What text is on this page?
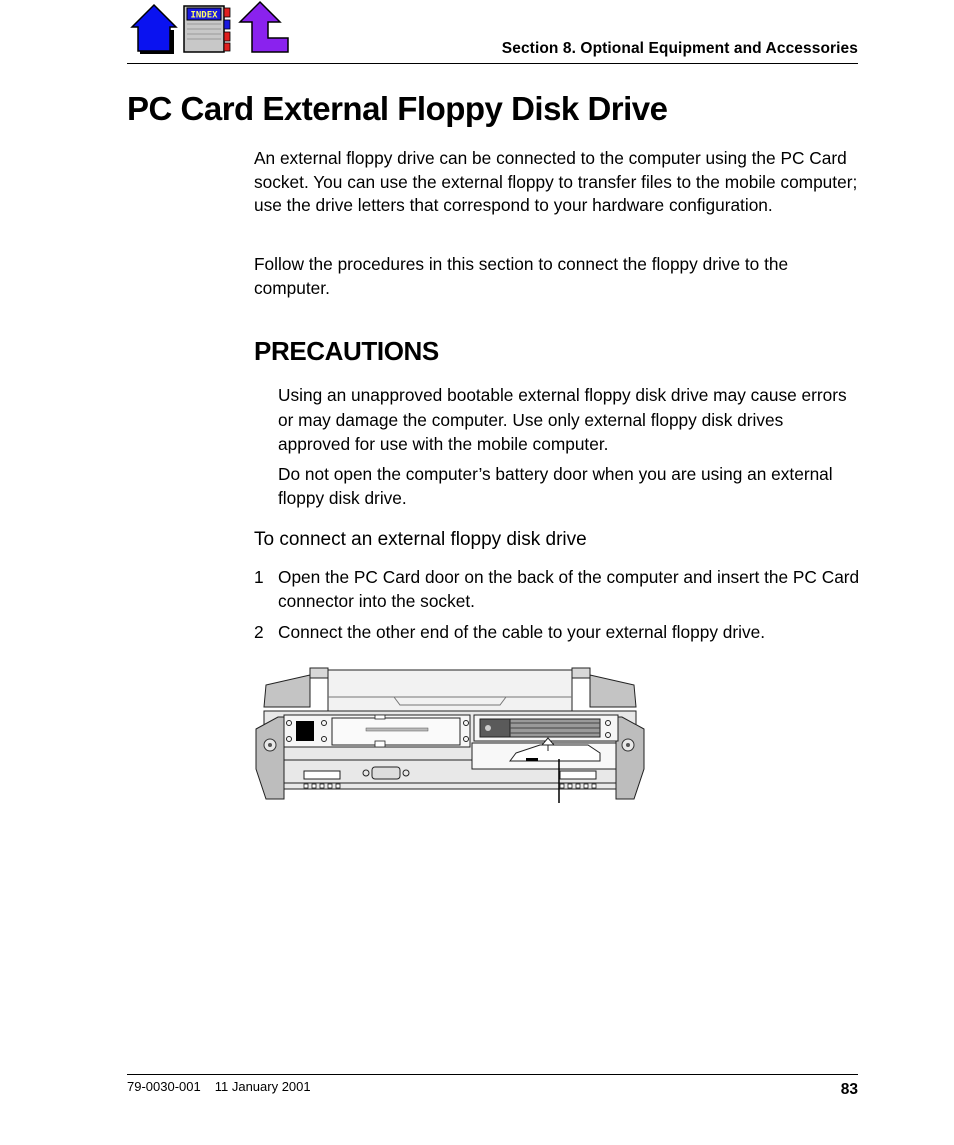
INDEX
Section 8. Optional Equipment and Accessories
PC Card External Floppy Disk Drive
An external floppy drive can be connected to the computer using the PC Card socket. You can use the external floppy to transfer files to the mobile computer; use the drive letters that correspond to your hardware configuration.
Follow the procedures in this section to connect the floppy drive to the computer.
PRECAUTIONS
Using an unapproved bootable external floppy disk drive may cause errors or may damage the computer. Use only external floppy disk drives approved for use with the mobile computer.
Do not open the computer’s battery door when you are using an external floppy disk drive.
To connect an external floppy disk drive
1 Open the PC Card door on the back of the computer and insert the PC Card connector into the socket.
2 Connect the other end of the cable to your external floppy drive.
79-0030-001 11 January 2001	83
